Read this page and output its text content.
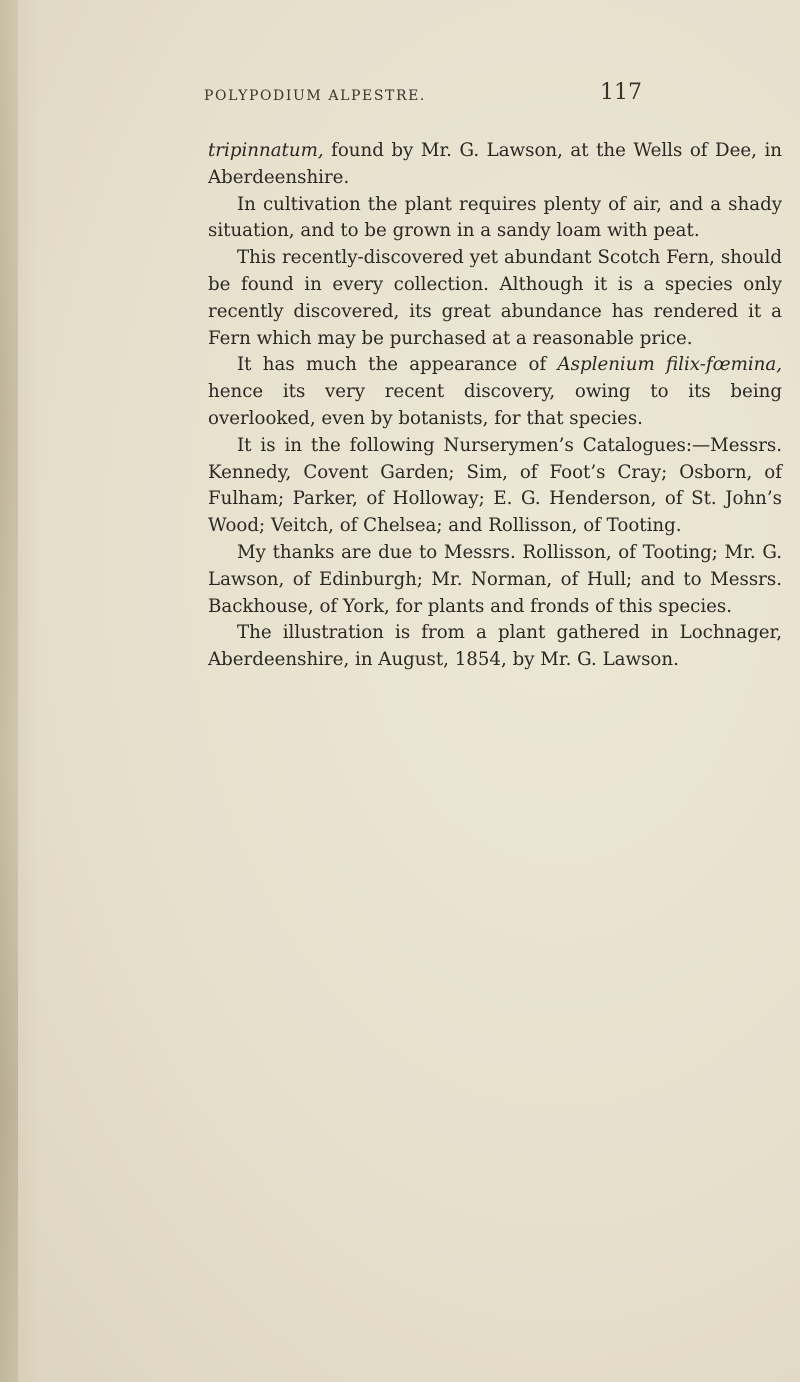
POLYPODIUM ALPESTRE.	117

tripinnatum, found by Mr. G. Lawson, at the Wells of Dee, in Aberdeenshire.

In cultivation the plant requires plenty of air, and a shady situation, and to be grown in a sandy loam with peat.

This recently-discovered yet abundant Scotch Fern, should be found in every collection. Although it is a species only recently discovered, its great abundance has rendered it a Fern which may be purchased at a reasonable price.

It has much the appearance of Asplenium filix-fœmina, hence its very recent discovery, owing to its being overlooked, even by botanists, for that species.

It is in the following Nurserymen’s Catalogues:—Messrs. Kennedy, Covent Garden; Sim, of Foot’s Cray; Osborn, of Fulham; Parker, of Holloway; E. G. Henderson, of St. John’s Wood; Veitch, of Chelsea; and Rollisson, of Tooting.

My thanks are due to Messrs. Rollisson, of Tooting; Mr. G. Lawson, of Edinburgh; Mr. Norman, of Hull; and to Messrs. Backhouse, of York, for plants and fronds of this species.

The illustration is from a plant gathered in Lochnager, Aberdeenshire, in August, 1854, by Mr. G. Lawson.
